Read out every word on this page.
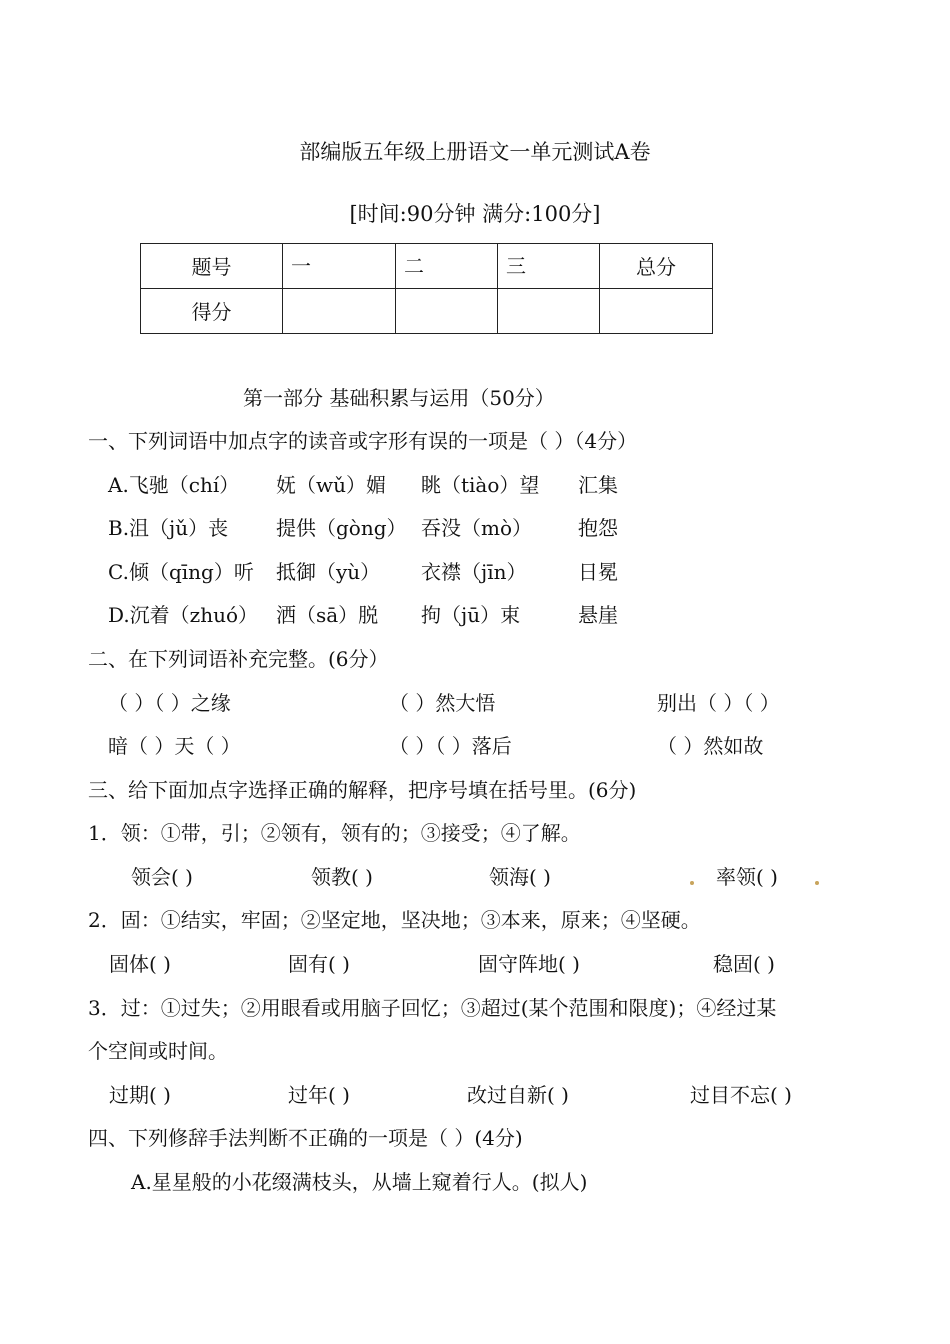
部编版五年级上册语文一单元测试A卷
[时间:90分钟 满分:100分]
题号	一	二	三	总分

得分				

第一部分 基础积累与运用（50分）
一、下列词语中加点字的读音或字形有误的一项是（ ）（4分）
A.飞驰（chí） 妩（wǔ）媚 眺（tiào）望 汇集
B.沮（jǔ）丧 提供（gòng） 吞没（mò） 抱怨
C.倾（qīng）听 抵御（yù） 衣襟（jīn）	日冕
D.沉着（zhuó） 洒（sā）脱 拘（jū）束	悬崖
二、在下列词语补充完整。(6分）
（ ）（ ）之缘	（ ）然大悟	别出（ ）（ ）
暗（ ）天（ ）	（ ）（ ）落后	（ ）然如故
三、给下面加点字选择正确的解释，把序号填在括号里。(6分)
1．领：①带，引；②领有，领有的；③接受；④了解。
领会( )	领教( )	领海( )	率领( )
2．固：①结实，牢固；②坚定地，坚决地；③本来，原来；④坚硬。
固体( )	固有( )	固守阵地( )	稳固( )
3．过：①过失；②用眼看或用脑子回忆；③超过(某个范围和限度)；④经过某
个空间或时间。
过期( )	过年( )	改过自新( )	过目不忘( )
四、下列修辞手法判断不正确的一项是（ ）(4分)
A.星星般的小花缀满枝头，从墙上窥着行人。(拟人)
